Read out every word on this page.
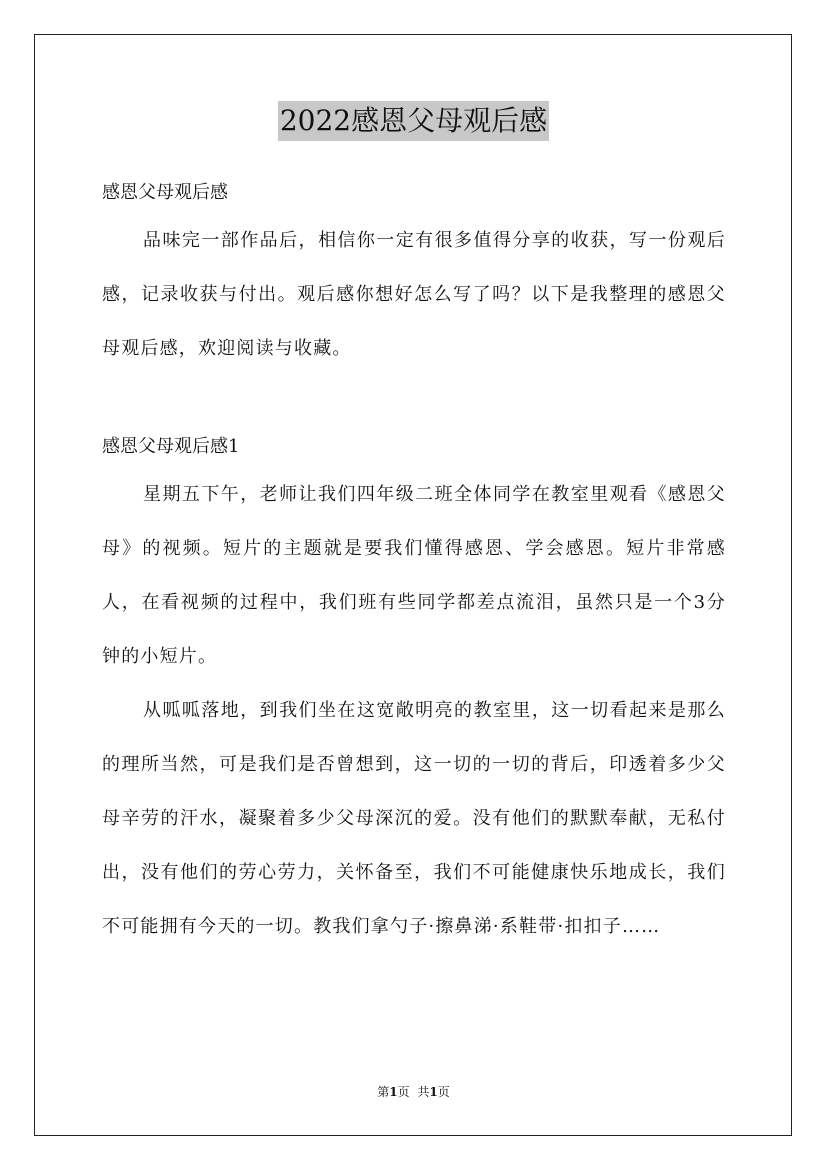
2022感恩父母观后感

感恩父母观后感

品味完一部作品后，相信你一定有很多值得分享的收获，写一份观后感，记录收获与付出。观后感你想好怎么写了吗？以下是我整理的感恩父母观后感，欢迎阅读与收藏。

感恩父母观后感1

星期五下午，老师让我们四年级二班全体同学在教室里观看《感恩父母》的视频。短片的主题就是要我们懂得感恩、学会感恩。短片非常感人，在看视频的过程中，我们班有些同学都差点流泪，虽然只是一个3分钟的小短片。

从呱呱落地，到我们坐在这宽敞明亮的教室里，这一切看起来是那么的理所当然，可是我们是否曾想到，这一切的一切的背后，印透着多少父母辛劳的汗水，凝聚着多少父母深沉的爱。没有他们的默默奉献，无私付出，没有他们的劳心劳力，关怀备至，我们不可能健康快乐地成长，我们不可能拥有今天的一切。教我们拿勺子·擦鼻涕·系鞋带·扣扣子……

第1页 共1页
